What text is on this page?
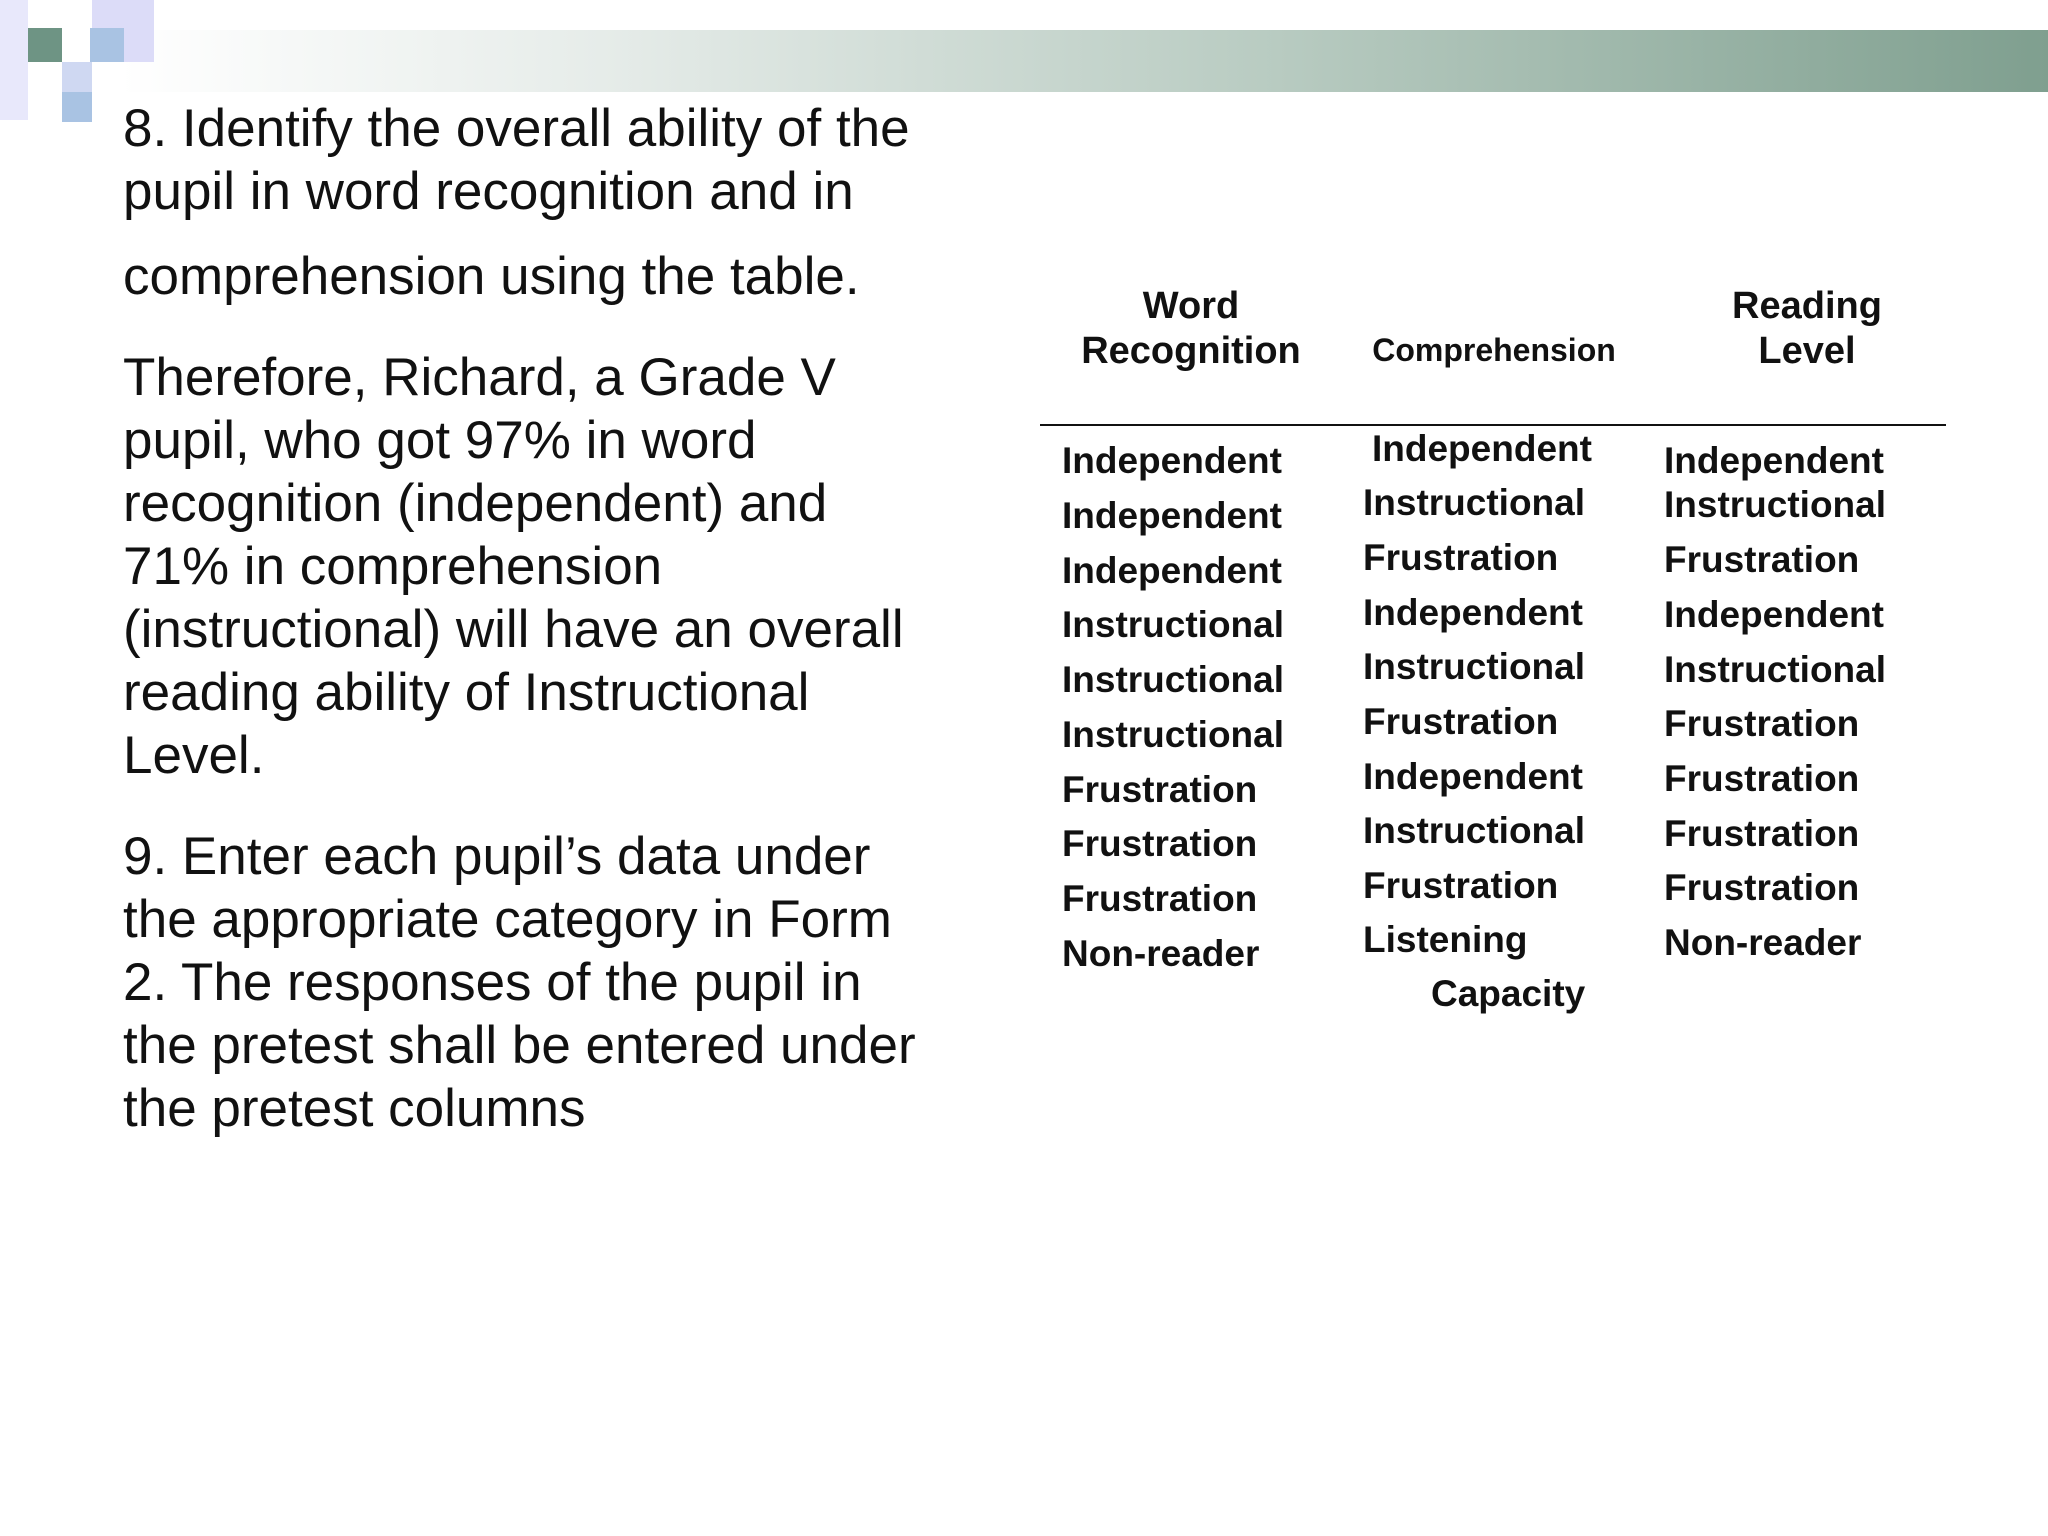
8. Identify the overall ability of the

pupil in word recognition and in

comprehension using the table.

Therefore, Richard, a Grade V
pupil, who got 97% in word
recognition (independent) and
71% in comprehension
(instructional) will have an overall
reading ability of Instructional
Level.

9. Enter each pupil’s data under
the appropriate category in Form
2. The responses of the pupil in
the pretest shall be entered under
the pretest columns

Word
Recognition	Comprehension
Reading
Level
Independent
Independent
Independent
Instructional
Instructional
Instructional
Frustration
Frustration
Frustration
Non-reader
Independent
Instructional
Frustration
Independent
Instructional
Frustration
Independent
Instructional
Frustration
Listening
Capacity
Independent
Instructional
Frustration
Independent
Instructional
Frustration
Frustration
Frustration
Frustration
Non-reader
